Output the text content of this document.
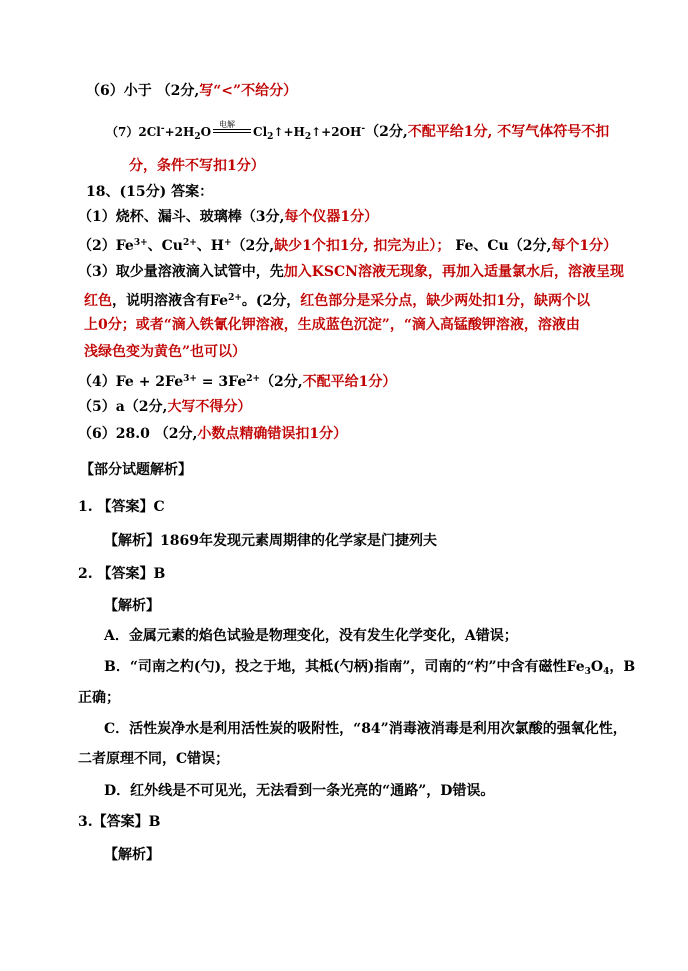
（6）小于 （2分,写“<”不给分）
$(7)2Cl^-+2H_2O$
电解
$Cl_2↑+H_2↑+2OH^-(2$分,不配平给1分, 不写气体符号不扣
分，条件不写扣1分）
18、(15分) 答案：
（1）烧杯、漏斗、玻璃棒（3分,每个仪器1分）
$(2)Fe^{3+}$、$Cu^{2+}$、H+（2分,缺少1个扣1分, 扣完为止）； Fe、Cu（2分,每个1分）
（3）取少量溶液滴入试管中，先加入KSCN溶液无现象，再加入适量氯水后，溶液呈现
红色，说明溶液含有$Fe^{2+}$。(2分，红色部分是采分点，缺少两处扣1分，缺两个以
上0分；或者“滴入铁氰化钾溶液，生成蓝色沉淀”，“滴入高锰酸钾溶液，溶液由
浅绿色变为黄色”也可以）
$(4)Fe + 2Fe^{3+} = 3Fe^{2+}(2$分,不配平给1分）
（5）a（2分,大写不得分）
（6）28.0 （2分,小数点精确错误扣1分）
【部分试题解析】
1. 【答案】C
【解析】1869年发现元素周期律的化学家是门捷列夫
2. 【答案】B
【解析】
A．金属元素的焰色试验是物理变化，没有发生化学变化，A错误；
B．“司南之杓(勺)，投之于地，其柢(勺柄)指南”，司南的“杓”中含有磁性$Fe_3O_4$，B
正确；
C．活性炭净水是利用活性炭的吸附性，“84”消毒液消毒是利用次氯酸的强氧化性，
二者原理不同，C错误；
D．红外线是不可见光，无法看到一条光亮的“通路”，D错误。
3.【答案】B
【解析】
